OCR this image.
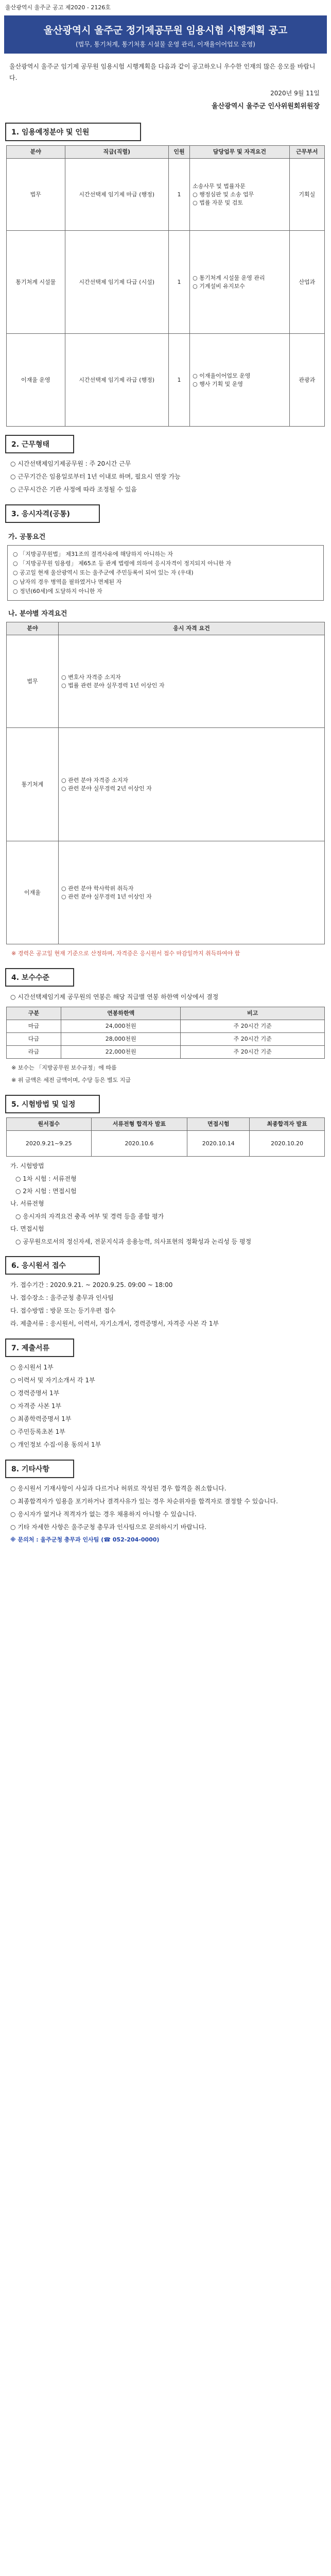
울산광역시 울주군 공고 제2020 - 2126호
울산광역시 울주군 정기제공무원 임용시험 시행계획 공고
(법무, 통기처계, 통기처홍 시설물 운영 관리, 이재율이어업모 운영)
울산광역시 울주군 임기제 공무원 임용시험 시행계획을 다음과 같이 공고하오니 우수한 인재의 많은 응모를 바랍니다.
2020년 9월 11일
울산광역시 울주군 인사위원회위원장
1. 임용예정분야 및 인원
분야	직급(직렬)	인원	담당업무 및 자격요건	근무부서
법무	시간선택제 임기제 마급 (행정)	1	소송사무 및 법률자문
○ 행정심판 및 소송 업무
○ 법률 자문 및 검토	기획실
통기처계 시설물	시간선택제 임기제 다급 (시설)	1	○ 통기처계 시설물 운영 관리
○ 기계설비 유지보수	산업과
이재율 운영	시간선택제 임기제 라급 (행정)	1	○ 이재율이어업모 운영
○ 행사 기획 및 운영	관광과
2. 근무형태
○ 시간선택제임기제공무원 : 주 20시간 근무
○ 근무기간은 임용일로부터 1년 이내로 하며, 필요시 연장 가능
○ 근무시간은 기관 사정에 따라 조정될 수 있음
3. 응시자격(공통)
가. 공통요건
○ 「지방공무원법」 제31조의 결격사유에 해당하지 아니하는 자
○ 「지방공무원 임용령」 제65조 등 관계 법령에 의하여 응시자격이 정지되지 아니한 자
○ 공고일 현재 울산광역시 또는 울주군에 주민등록이 되어 있는 자 (우대)
○ 남자의 경우 병역을 필하였거나 면제된 자
○ 정년(60세)에 도달하지 아니한 자
나. 분야별 자격요건
분야	응시 자격 요건
법무	○ 변호사 자격증 소지자
○ 법률 관련 분야 실무경력 1년 이상인 자
통기처계	○ 관련 분야 자격증 소지자
○ 관련 분야 실무경력 2년 이상인 자
이재율	○ 관련 분야 학사학위 취득자
○ 관련 분야 실무경력 1년 이상인 자
※ 경력은 공고일 현재 기준으로 산정하며, 자격증은 응시원서 접수 마감일까지 취득하여야 함
4. 보수수준
○ 시간선택제임기제 공무원의 연봉은 해당 직급별 연봉 하한액 이상에서 결정
구분	연봉하한액	비고
마급	24,000천원	주 20시간 기준
다급	28,000천원	주 20시간 기준
라급	22,000천원	주 20시간 기준
※ 보수는 「지방공무원 보수규정」에 따름
※ 위 금액은 세전 금액이며, 수당 등은 별도 지급
5. 시험방법 및 일정
원서접수	서류전형 합격자 발표	면접시험	최종합격자 발표
2020.9.21~9.25	2020.10.6	2020.10.14	2020.10.20
가. 시험방법
○ 1차 시험 : 서류전형
○ 2차 시험 : 면접시험
나. 서류전형
○ 응시자의 자격요건 충족 여부 및 경력 등을 종합 평가
다. 면접시험
○ 공무원으로서의 정신자세, 전문지식과 응용능력, 의사표현의 정확성과 논리성 등 평정
6. 응시원서 접수
가. 접수기간 : 2020.9.21. ~ 2020.9.25. 09:00 ~ 18:00
나. 접수장소 : 울주군청 총무과 인사팀
다. 접수방법 : 방문 또는 등기우편 접수
라. 제출서류 : 응시원서, 이력서, 자기소개서, 경력증명서, 자격증 사본 각 1부
7. 제출서류
○ 응시원서 1부
○ 이력서 및 자기소개서 각 1부
○ 경력증명서 1부
○ 자격증 사본 1부
○ 최종학력증명서 1부
○ 주민등록초본 1부
○ 개인정보 수집·이용 동의서 1부
8. 기타사항
○ 응시원서 기재사항이 사실과 다르거나 허위로 작성된 경우 합격을 취소합니다.
○ 최종합격자가 임용을 포기하거나 결격사유가 있는 경우 차순위자를 합격자로 결정할 수 있습니다.
○ 응시자가 없거나 적격자가 없는 경우 채용하지 아니할 수 있습니다.
○ 기타 자세한 사항은 울주군청 총무과 인사팀으로 문의하시기 바랍니다.
※ 문의처 : 울주군청 총무과 인사팀 (☎ 052-204-0000)
